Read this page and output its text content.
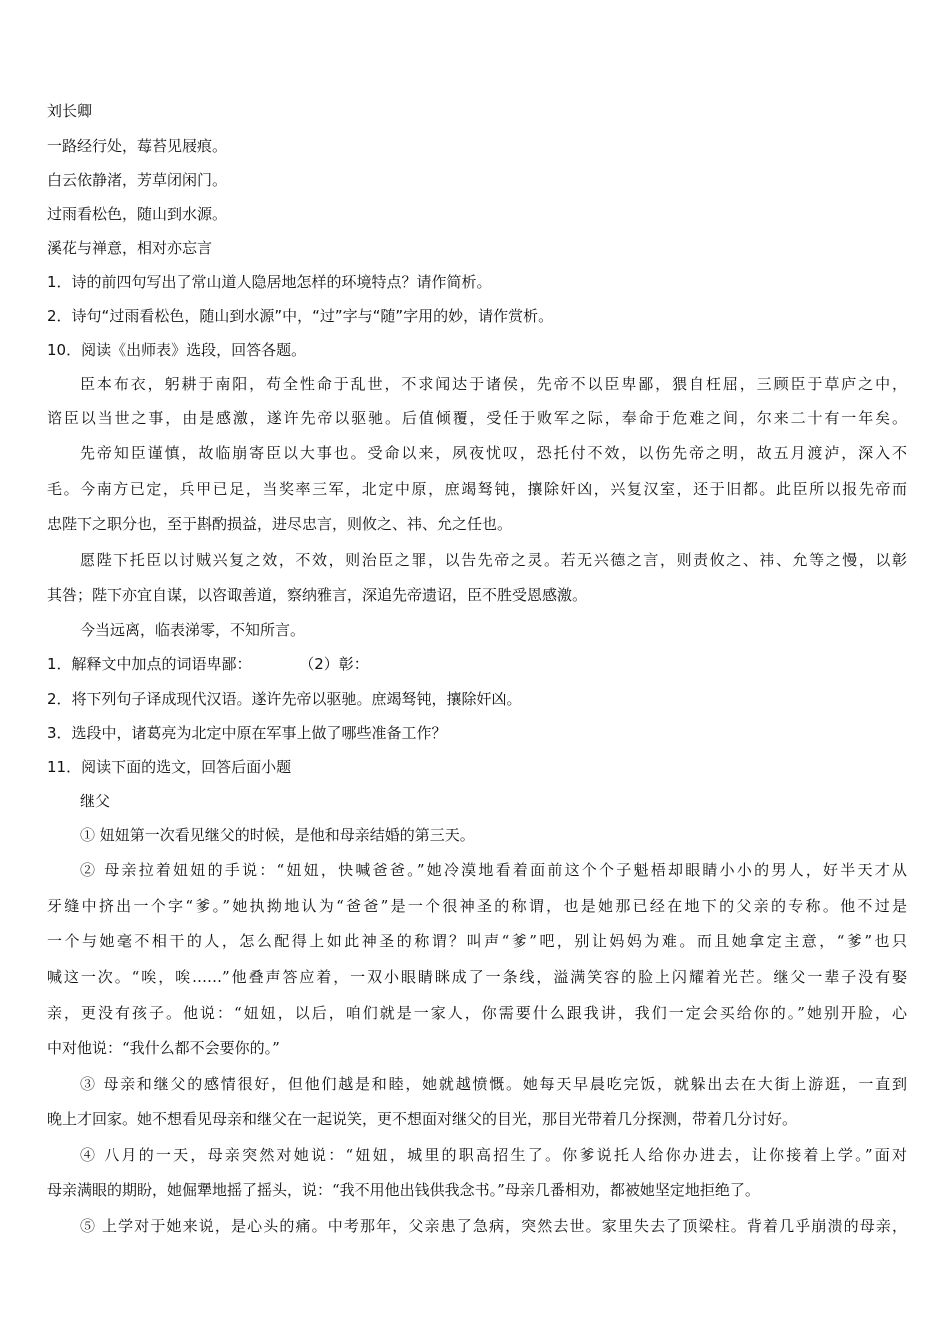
刘长卿
一路经行处，莓苔见屐痕。
白云依静渚，芳草闭闲门。
过雨看松色，随山到水源。
溪花与禅意，相对亦忘言
1．诗的前四句写出了常山道人隐居地怎样的环境特点？请作简析。
2．诗句“过雨看松色，随山到水源”中，“过”字与“随”字用的妙，请作赏析。
10．阅读《出师表》选段，回答各题。
臣本布衣，躬耕于南阳，苟全性命于乱世，不求闻达于诸侯，先帝不以臣卑鄙，猥自枉屈，三顾臣于草庐之中，
谘臣以当世之事，由是感激，遂许先帝以驱驰。后值倾覆，受任于败军之际，奉命于危难之间，尔来二十有一年矣。
先帝知臣谨慎，故临崩寄臣以大事也。受命以来，夙夜忧叹，恐托付不效，以伤先帝之明，故五月渡泸，深入不
毛。今南方已定，兵甲已足，当奖率三军，北定中原，庶竭驽钝，攘除奸凶，兴复汉室，还于旧都。此臣所以报先帝而
忠陛下之职分也，至于斟酌损益，进尽忠言，则攸之、祎、允之任也。
愿陛下托臣以讨贼兴复之效，不效，则治臣之罪，以告先帝之灵。若无兴德之言，则责攸之、祎、允等之慢，以彰
其咎；陛下亦宜自谋，以咨诹善道，察纳雅言，深追先帝遗诏，臣不胜受恩感激。
今当远离，临表涕零，不知所言。
1．解释文中加点的词语卑鄙：          （2）彰：
2．将下列句子译成现代汉语。遂许先帝以驱驰。庶竭驽钝，攘除奸凶。
3．选段中，诸葛亮为北定中原在军事上做了哪些准备工作？
11．阅读下面的选文，回答后面小题
继父
① 妞妞第一次看见继父的时候，是他和母亲结婚的第三天。
② 母亲拉着妞妞的手说：“妞妞，快喊爸爸。”她冷漠地看着面前这个个子魁梧却眼睛小小的男人，好半天才从
牙缝中挤出一个字“爹。”她执拗地认为“爸爸”是一个很神圣的称谓，也是她那已经在地下的父亲的专称。他不过是
一个与她毫不相干的人，怎么配得上如此神圣的称谓？叫声“爹”吧，别让妈妈为难。而且她拿定主意，“爹”也只
喊这一次。“唉，唉……”他叠声答应着，一双小眼睛眯成了一条线，溢满笑容的脸上闪耀着光芒。继父一辈子没有娶
亲，更没有孩子。他说：“妞妞，以后，咱们就是一家人，你需要什么跟我讲，我们一定会买给你的。”她别开脸，心
中对他说：“我什么都不会要你的。”
③ 母亲和继父的感情很好，但他们越是和睦，她就越愤慨。她每天早晨吃完饭，就躲出去在大街上游逛，一直到
晚上才回家。她不想看见母亲和继父在一起说笑，更不想面对继父的目光，那目光带着几分探测，带着几分讨好。
④ 八月的一天，母亲突然对她说：“妞妞，城里的职高招生了。你爹说托人给你办进去，让你接着上学。”面对
母亲满眼的期盼，她倔犟地摇了摇头，说：“我不用他出钱供我念书。”母亲几番相劝，都被她坚定地拒绝了。
⑤ 上学对于她来说，是心头的痛。中考那年，父亲患了急病，突然去世。家里失去了顶梁柱。背着几乎崩溃的母亲，
